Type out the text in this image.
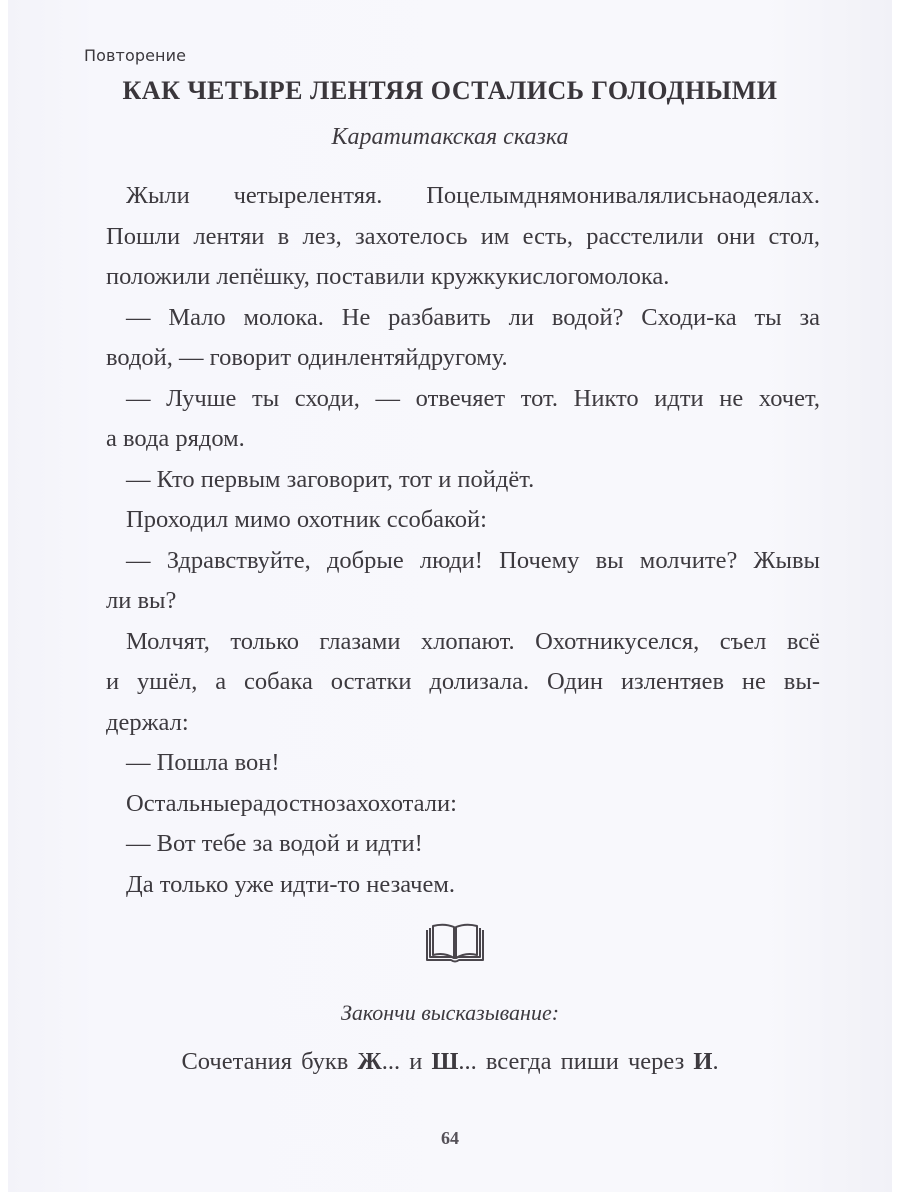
Повторение
КАК ЧЕТЫРЕ ЛЕНТЯЯ ОСТАЛИСЬ ГОЛОДНЫМИ
Каратитакская сказка
Жыли четырелентяя. Поцелымднямонивалялисьнаодеялах.
Пошли лентяи в лез, захотелось им есть, расстелили они стол,
положили лепёшку, поставили кружкукислогомолока.
— Мало молока. Не разбавить ли водой? Сходи-ка ты за
водой, — говорит одинлентяйдругому.
— Лучше ты сходи, — отвечяет тот. Никто идти не хочет,
а вода рядом.
— Кто первым заговорит, тот и пойдёт.
Проходил мимо охотник ссобакой:
— Здравствуйте, добрые люди! Почему вы молчите? Жывы
ли вы?
Молчят, только глазами хлопают. Охотникуселся, съел всё
и ушёл, а собака остатки долизала. Один излентяев не вы-
держал:
— Пошла вон!
Остальныерадостнозахохотали:
— Вот тебе за водой и идти!
Да только уже идти-то незачем.
Закончи высказывание:
Сочетания букв Ж... и Ш... всегда пиши через И.
64
